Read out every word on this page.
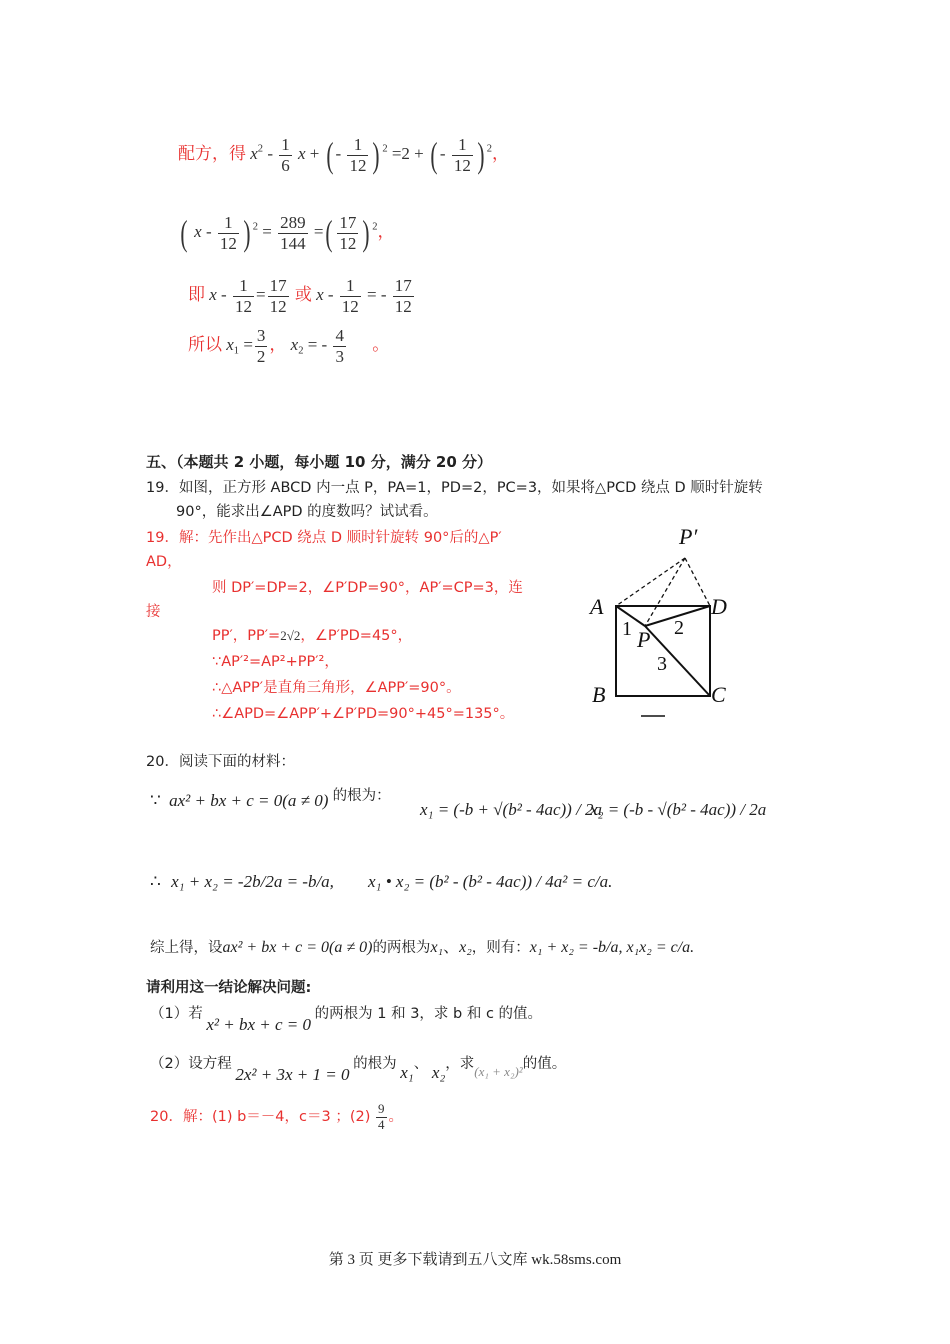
配方，得 $x^2 - \frac{1}{6}$ x + ( - $\frac{1}{12}$ ) $^2$ =2 + ( - $\frac{1}{12}$ ) $^2$，
( x - $\frac{1}{12}$ ) $^2 = \frac{289}{144}$ =( $\frac{17}{12}$ ) $^2$，
即 $x - \frac{1}{12} = \frac{17}{12}$ 或 x - $\frac{1}{12}$ = - $\frac{17}{12}$
所以 $x_1 = \frac{3}{2}$ ， $x_2$ = - $\frac{4}{3}$ 。
五、（本题共 2 小题，每小题 10 分，满分 20 分）
19．如图，正方形 ABCD 内一点 P，PA=1，PD=2，PC=3，如果将△PCD 绕点 D 顺时针旋转
90°，能求出∠APD 的度数吗？试试看。
19．解：先作出△PCD 绕点 D 顺时针旋转 90°后的△P′
AD，
则 DP′=DP=2，∠P′DP=90°，AP′=CP=3，连
接
PP′，PP′=2√2，∠P′PD=45°，
∵AP′²=AP²+PP′²，
∴△APP′是直角三角形，∠APP′=90°。
∴∠APD=∠APP′+∠P′PD=90°+45°=135°。
P′
A	D
B	C
P
1 2
3
20．阅读下面的材料：
∵ ax² + bx + c = 0(a ≠ 0) 的根为：
x₁ = (-b + √(b² - 4ac)) / 2a
x₂ = (-b - √(b² - 4ac)) / 2a
∴ x₁ + x₂ = -2b/2a = -b/a, x₁ • x₂ = (b² - (b² - 4ac)) / 4a² = c/a.
综上得，设ax² + bx + c = 0(a ≠ 0)的两根为x₁、x₂，则有：x₁ + x₂ = -b/a, x₁x₂ = c/a.
请利用这一结论解决问题:
（1）若 x² + bx + c = 0 的两根为 1 和 3，求 b 和 c 的值。
（2）设方程 2x² + 3x + 1 = 0 的根为 x₁、 x₂，求(x₁ + x₂)²的值。
20．解：(1) b＝－4，c＝3 ；$(2) \frac{9}{4}$ 。
第 3 页 更多下载请到五八文库 wk.58sms.com
